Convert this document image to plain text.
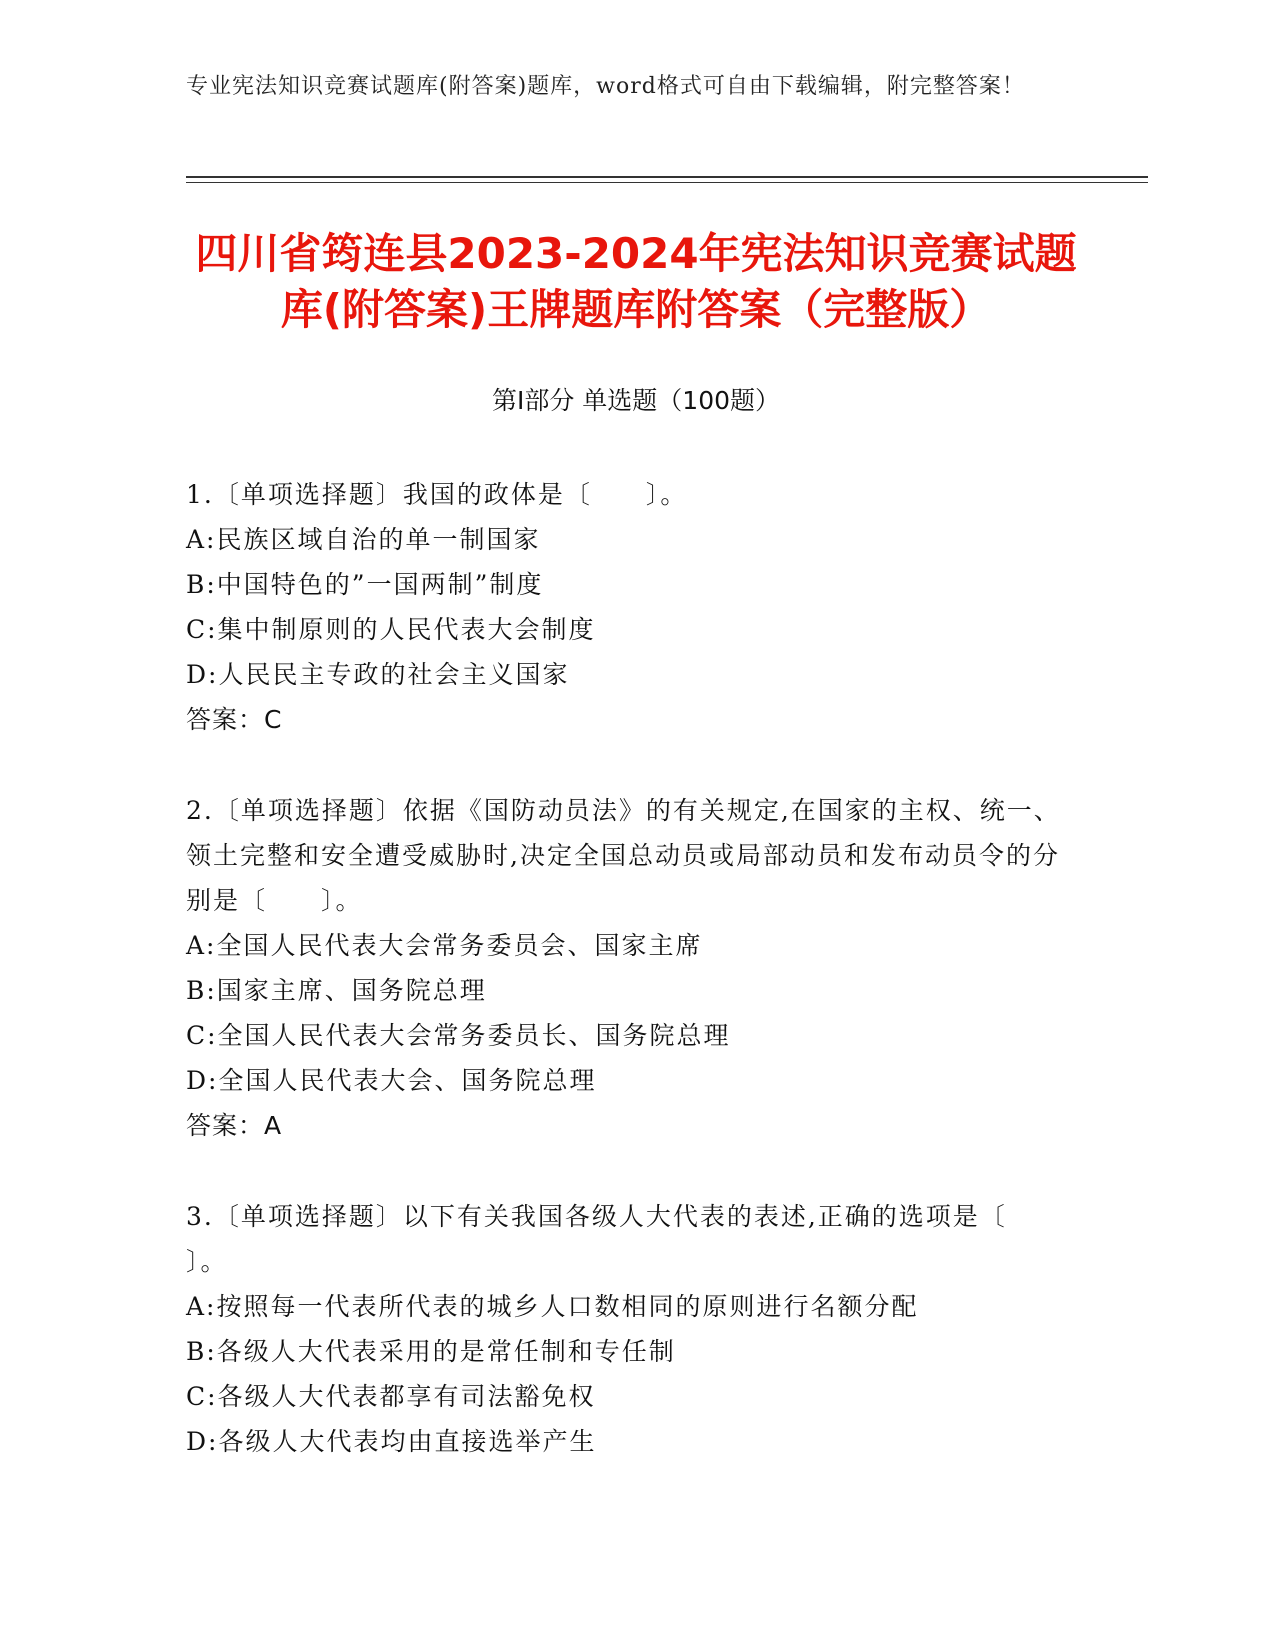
专业宪法知识竞赛试题库(附答案)题库，word格式可自由下载编辑，附完整答案！
四川省筠连县2023-2024年宪法知识竞赛试题库(附答案)王牌题库附答案（完整版）
第Ⅰ部分 单选题（100题）
1.〔单项选择题〕我国的政体是〔　　〕。
A:民族区域自治的单一制国家
B:中国特色的”一国两制”制度
C:集中制原则的人民代表大会制度
D:人民民主专政的社会主义国家
答案：C
2.〔单项选择题〕依据《国防动员法》的有关规定,在国家的主权、统一、领土完整和安全遭受威胁时,决定全国总动员或局部动员和发布动员令的分别是〔　　〕。
A:全国人民代表大会常务委员会、国家主席
B:国家主席、国务院总理
C:全国人民代表大会常务委员长、国务院总理
D:全国人民代表大会、国务院总理
答案：A
3.〔单项选择题〕以下有关我国各级人大代表的表述,正确的选项是〔　　〕。
A:按照每一代表所代表的城乡人口数相同的原则进行名额分配
B:各级人大代表采用的是常任制和专任制
C:各级人大代表都享有司法豁免权
D:各级人大代表均由直接选举产生
